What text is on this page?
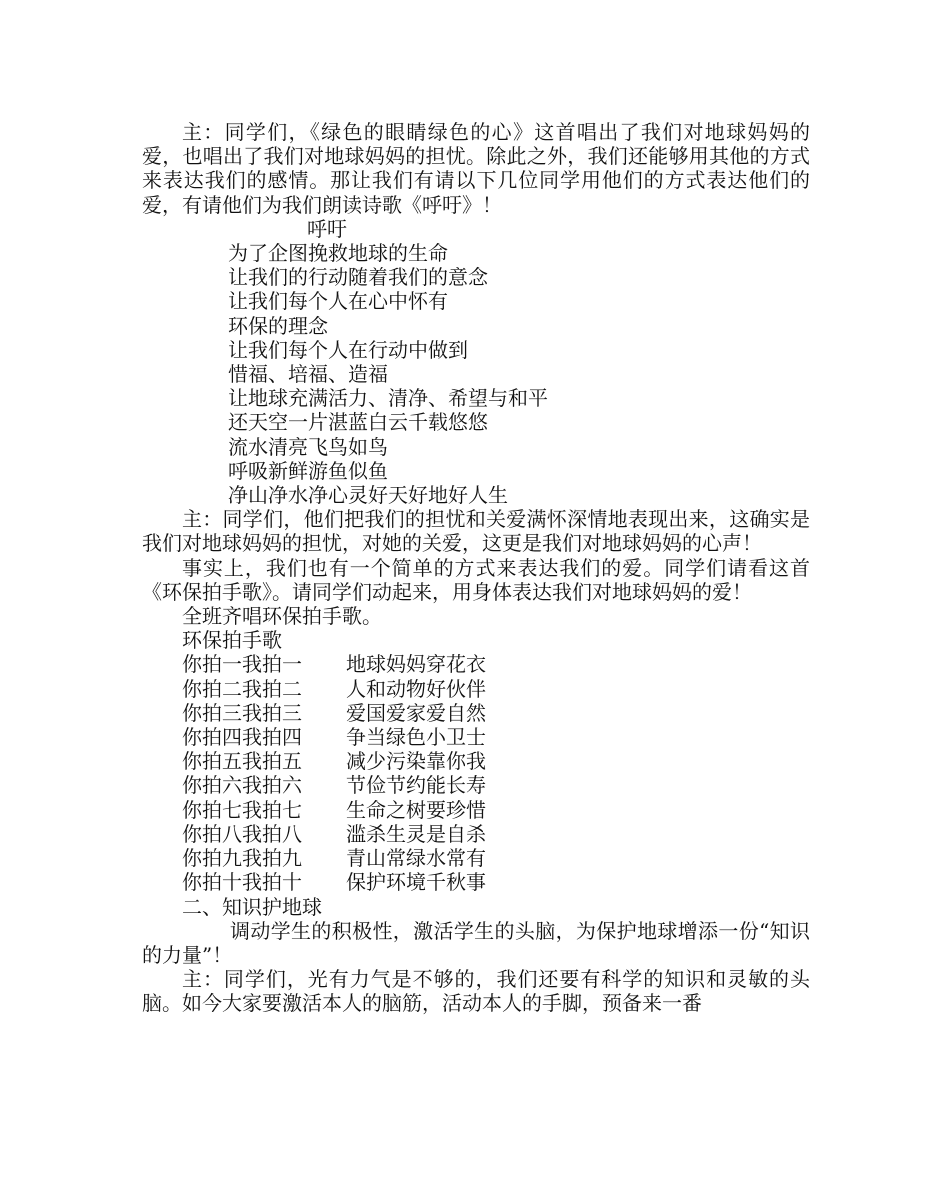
主：同学们，《绿色的眼睛绿色的心》这首唱出了我们对地球妈妈的爱，也唱出了我们对地球妈妈的担忧。除此之外，我们还能够用其他的方式来表达我们的感情。那让我们有请以下几位同学用他们的方式表达他们的爱，有请他们为我们朗读诗歌《呼吁》！

呼吁

为了企图挽救地球的生命

让我们的行动随着我们的意念

让我们每个人在心中怀有

环保的理念

让我们每个人在行动中做到

惜福、培福、造福

让地球充满活力、清净、希望与和平

还天空一片湛蓝白云千载悠悠

流水清亮飞鸟如鸟

呼吸新鲜游鱼似鱼

净山净水净心灵好天好地好人生

主：同学们，他们把我们的担忧和关爱满怀深情地表现出来，这确实是我们对地球妈妈的担忧，对她的关爱，这更是我们对地球妈妈的心声！

事实上，我们也有一个简单的方式来表达我们的爱。同学们请看这首《环保拍手歌》。请同学们动起来，用身体表达我们对地球妈妈的爱！

全班齐唱环保拍手歌。

环保拍手歌

你拍一我拍一	地球妈妈穿花衣
你拍二我拍二	人和动物好伙伴
你拍三我拍三	爱国爱家爱自然
你拍四我拍四	争当绿色小卫士
你拍五我拍五	减少污染靠你我
你拍六我拍六	节俭节约能长寿
你拍七我拍七	生命之树要珍惜
你拍八我拍八	滥杀生灵是自杀
你拍九我拍九	青山常绿水常有
你拍十我拍十	保护环境千秋事

二、知识护地球

调动学生的积极性，激活学生的头脑，为保护地球增添一份“知识的力量”！

主：同学们，光有力气是不够的，我们还要有科学的知识和灵敏的头脑。如今大家要激活本人的脑筋，活动本人的手脚，预备来一番
